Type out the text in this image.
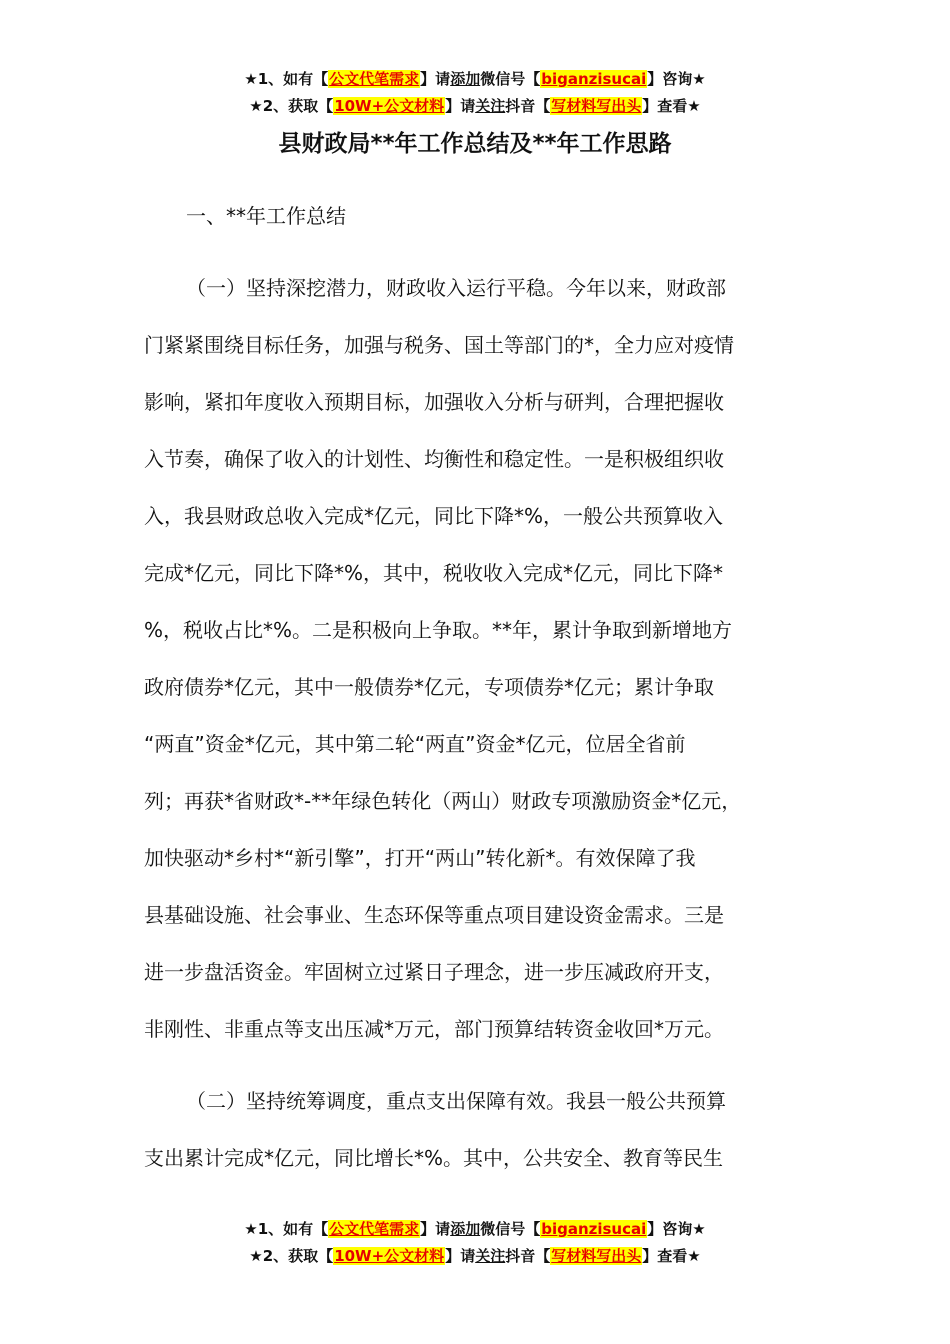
★1、如有【公文代笔需求】请添加微信号【biganzisucai】咨询★
★2、获取【10W+公文材料】请关注抖音【写材料写出头】查看★
县财政局**年工作总结及**年工作思路
一、**年工作总结
（一）坚持深挖潜力，财政收入运行平稳。今年以来，财政部
门紧紧围绕目标任务，加强与税务、国土等部门的*，全力应对疫情
影响，紧扣年度收入预期目标，加强收入分析与研判，合理把握收
入节奏，确保了收入的计划性、均衡性和稳定性。一是积极组织收
入，我县财政总收入完成*亿元，同比下降*%，一般公共预算收入
完成*亿元，同比下降*%，其中，税收收入完成*亿元，同比下降*
%，税收占比*%。二是积极向上争取。**年，累计争取到新增地方
政府债券*亿元，其中一般债券*亿元，专项债券*亿元；累计争取
“两直”资金*亿元，其中第二轮“两直”资金*亿元，位居全省前
列；再获*省财政*-**年绿色转化（两山）财政专项激励资金*亿元，
加快驱动*乡村*“新引擎”，打开“两山”转化新*。有效保障了我
县基础设施、社会事业、生态环保等重点项目建设资金需求。三是
进一步盘活资金。牢固树立过紧日子理念，进一步压减政府开支，
非刚性、非重点等支出压减*万元，部门预算结转资金收回*万元。
（二）坚持统筹调度，重点支出保障有效。我县一般公共预算
支出累计完成*亿元，同比增长*%。其中，公共安全、教育等民生
★1、如有【公文代笔需求】请添加微信号【biganzisucai】咨询★
★2、获取【10W+公文材料】请关注抖音【写材料写出头】查看★
